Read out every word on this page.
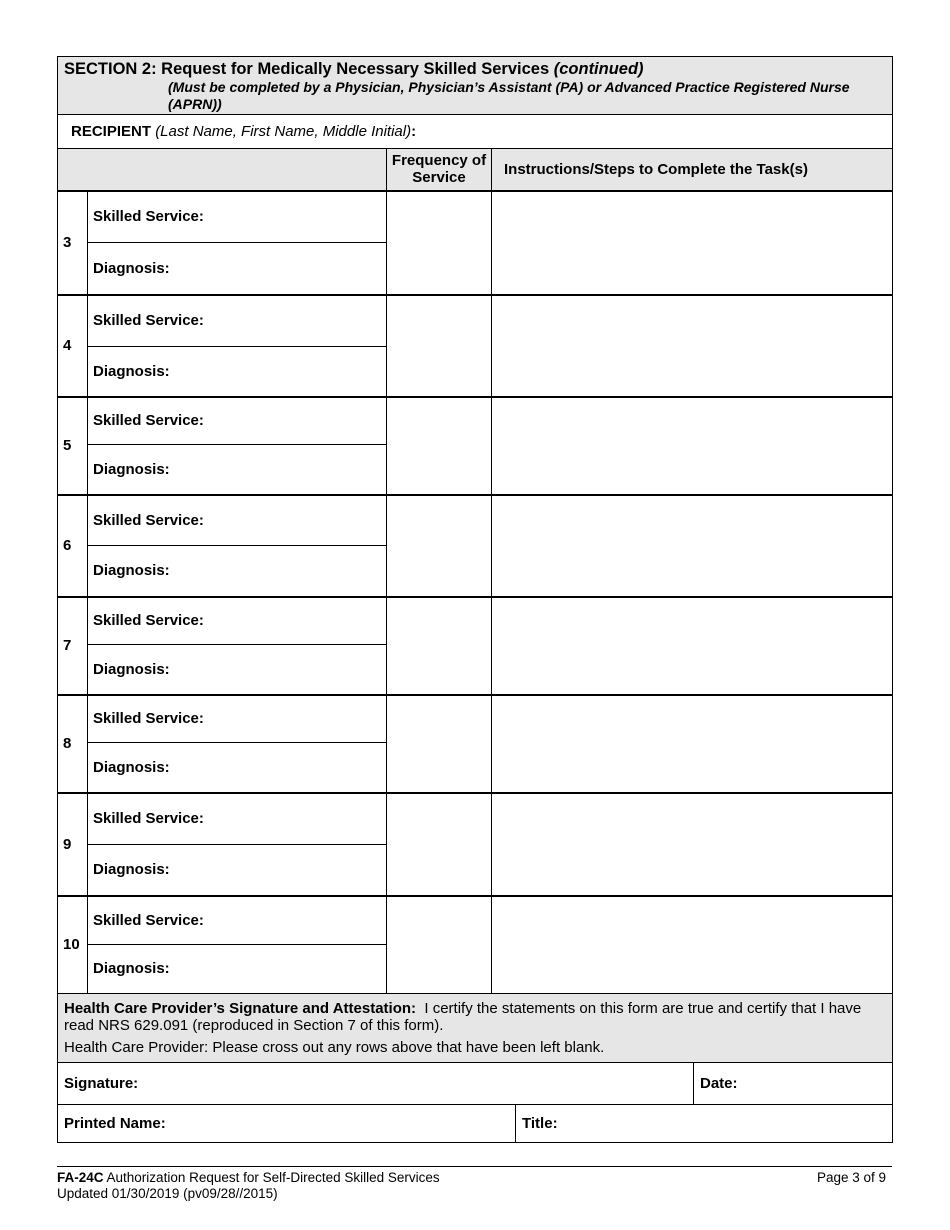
SECTION 2: Request for Medically Necessary Skilled Services (continued)
(Must be completed by a Physician, Physician’s Assistant (PA) or Advanced Practice Registered Nurse (APRN))			

RECIPIENT (Last Name, First Name, Middle Initial):			
		Frequency of Service	Instructions/Steps to Complete the Task(s)
3	Skilled Service:		
	Diagnosis:		
4	Skilled Service:		
	Diagnosis:		
5	Skilled Service:		
	Diagnosis:		
6	Skilled Service:		
	Diagnosis:		
7	Skilled Service:		
	Diagnosis:		
8	Skilled Service:		
	Diagnosis:		
9	Skilled Service:		
	Diagnosis:		
10	Skilled Service:		
	Diagnosis:		

Health Care Provider’s Signature and Attestation: I certify the statements on this form are true and certify that I have read NRS 629.091 (reproduced in Section 7 of this form).
Health Care Provider: Please cross out any rows above that have been left blank.			
Signature:		Date:
Printed Name:	Title:	
FA-24C Authorization Request for Self-Directed Skilled Services
Updated 01/30/2019 (pv09/28//2015)
Page 3 of 9
